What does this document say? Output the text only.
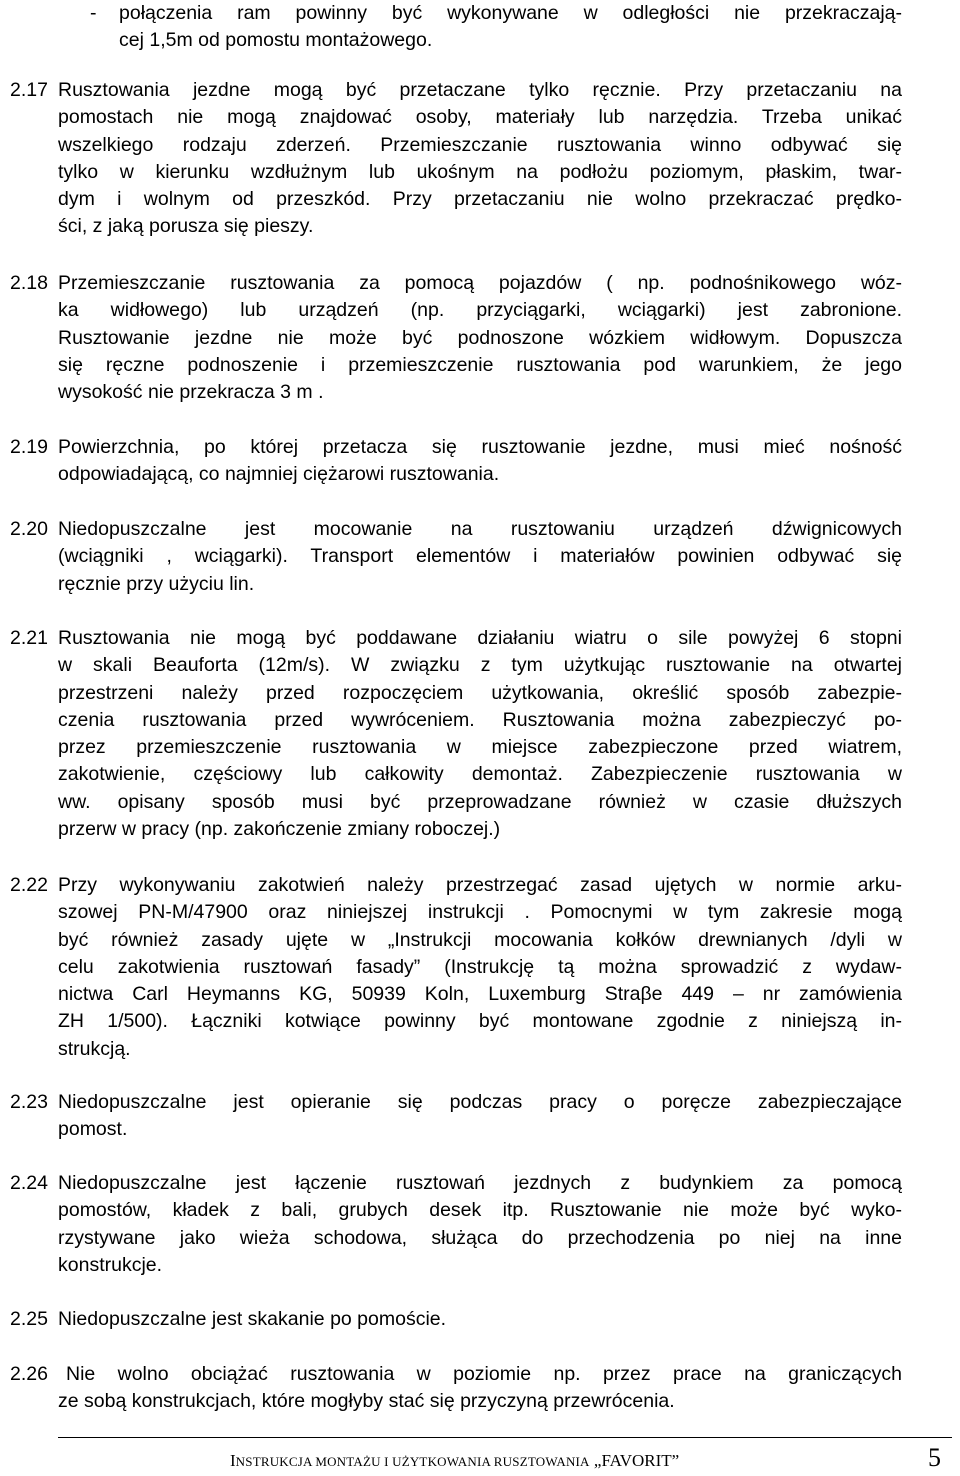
- połączenia ram powinny być wykonywane w odległości nie przekraczają-
cej 1,5m od pomostu montażowego.
2.17 Rusztowania jezdne mogą być przetaczane tylko ręcznie. Przy przetaczaniu na
pomostach nie mogą znajdować osoby, materiały lub narzędzia. Trzeba unikać
wszelkiego rodzaju zderzeń. Przemieszczanie rusztowania winno odbywać się
tylko w kierunku wzdłużnym lub ukośnym na podłożu poziomym, płaskim, twar-
dym i wolnym od przeszkód. Przy przetaczaniu nie wolno przekraczać prędko-
ści, z jaką porusza się pieszy.
2.18 Przemieszczanie rusztowania za pomocą pojazdów ( np. podnośnikowego wóz-
ka widłowego) lub urządzeń (np. przyciągarki, wciągarki) jest zabronione.
Rusztowanie jezdne nie może być podnoszone wózkiem widłowym. Dopuszcza
się ręczne podnoszenie i przemieszczenie rusztowania pod warunkiem, że jego
wysokość nie przekracza 3 m .
2.19 Powierzchnia, po której przetacza się rusztowanie jezdne, musi mieć nośność
odpowiadającą, co najmniej ciężarowi rusztowania.
2.20 Niedopuszczalne jest mocowanie na rusztowaniu urządzeń dźwignicowych
(wciągniki , wciągarki). Transport elementów i materiałów powinien odbywać się
ręcznie przy użyciu lin.
2.21 Rusztowania nie mogą być poddawane działaniu wiatru o sile powyżej 6 stopni
w skali Beauforta (12m/s). W związku z tym użytkując rusztowanie na otwartej
przestrzeni należy przed rozpoczęciem użytkowania, określić sposób zabezpie-
czenia rusztowania przed wywróceniem. Rusztowania można zabezpieczyć po-
przez przemieszczenie rusztowania w miejsce zabezpieczone przed wiatrem,
zakotwienie, częściowy lub całkowity demontaż. Zabezpieczenie rusztowania w
ww. opisany sposób musi być przeprowadzane również w czasie dłuższych
przerw w pracy (np. zakończenie zmiany roboczej.)
2.22 Przy wykonywaniu zakotwień należy przestrzegać zasad ujętych w normie arku-
szowej PN-M/47900 oraz niniejszej instrukcji . Pomocnymi w tym zakresie mogą
być również zasady ujęte w „Instrukcji mocowania kołków drewnianych /dyli w
celu zakotwienia rusztowań fasady” (Instrukcję tą można sprowadzić z wydaw-
nictwa Carl Heymanns KG, 50939 Koln, Luxemburg Straβe 449 – nr zamówienia
ZH 1/500). Łączniki kotwiące powinny być montowane zgodnie z niniejszą in-
strukcją.
2.23 Niedopuszczalne jest opieranie się podczas pracy o poręcze zabezpieczające
pomost.
2.24 Niedopuszczalne jest łączenie rusztowań jezdnych z budynkiem za pomocą
pomostów, kładek z bali, grubych desek itp. Rusztowanie nie może być wyko-
rzystywane jako wieża schodowa, służąca do przechodzenia po niej na inne
konstrukcje.
2.25 Niedopuszczalne jest skakanie po pomoście.
2.26 Nie wolno obciążać rusztowania w poziomie np. przez prace na graniczących
ze sobą konstrukcjach, które mogłyby stać się przyczyną przewrócenia.
INSTRUKCJA MONTAŻU I UŻYTKOWANIA RUSZTOWANIA „FAVORIT”	5
